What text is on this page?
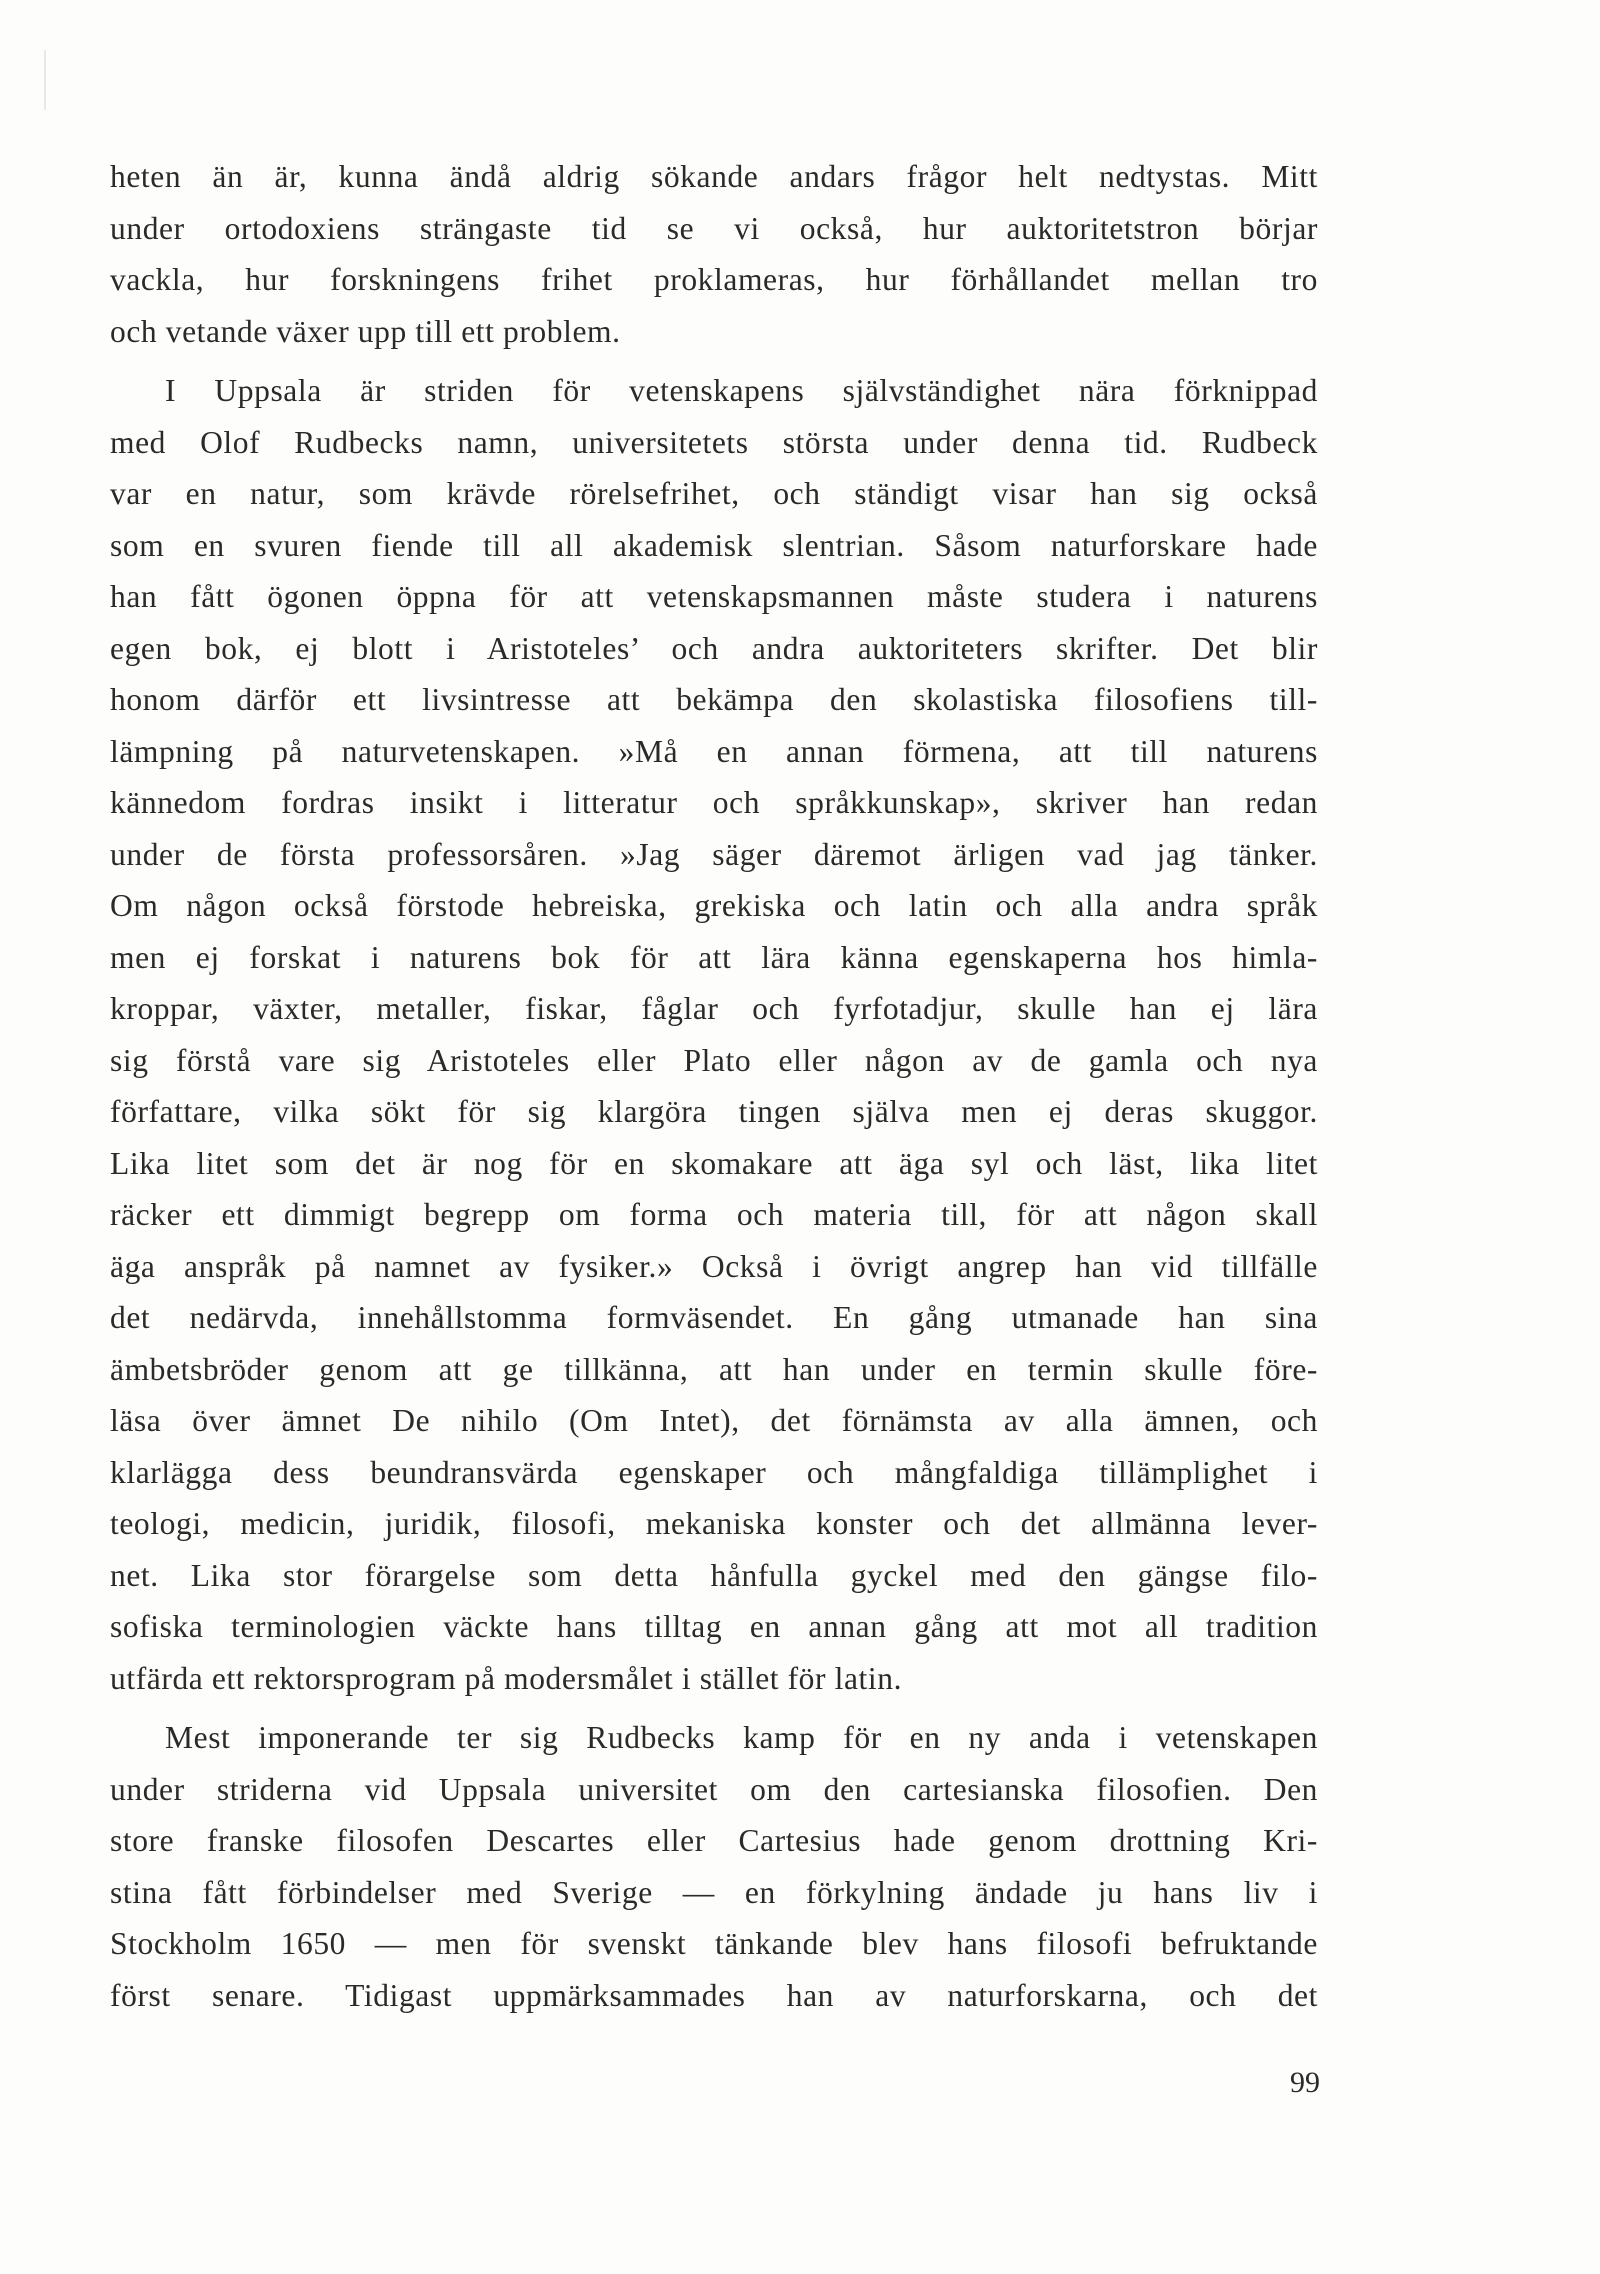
heten än är, kunna ändå aldrig sökande andars frågor helt nedtystas. Mitt
under ortodoxiens strängaste tid se vi också, hur auktoritetstron börjar
vackla, hur forskningens frihet proklameras, hur förhållandet mellan tro
och vetande växer upp till ett problem.
I Uppsala är striden för vetenskapens självständighet nära förknippad
med Olof Rudbecks namn, universitetets största under denna tid. Rudbeck
var en natur, som krävde rörelsefrihet, och ständigt visar han sig också
som en svuren fiende till all akademisk slentrian. Såsom naturforskare hade
han fått ögonen öppna för att vetenskapsmannen måste studera i naturens
egen bok, ej blott i Aristoteles’ och andra auktoriteters skrifter. Det blir
honom därför ett livsintresse att bekämpa den skolastiska filosofiens till-
lämpning på naturvetenskapen. »Må en annan förmena, att till naturens
kännedom fordras insikt i litteratur och språkkunskap», skriver han redan
under de första professorsåren. »Jag säger däremot ärligen vad jag tänker.
Om någon också förstode hebreiska, grekiska och latin och alla andra språk
men ej forskat i naturens bok för att lära känna egenskaperna hos himla-
kroppar, växter, metaller, fiskar, fåglar och fyrfotadjur, skulle han ej lära
sig förstå vare sig Aristoteles eller Plato eller någon av de gamla och nya
författare, vilka sökt för sig klargöra tingen själva men ej deras skuggor.
Lika litet som det är nog för en skomakare att äga syl och läst, lika litet
räcker ett dimmigt begrepp om forma och materia till, för att någon skall
äga anspråk på namnet av fysiker.» Också i övrigt angrep han vid tillfälle
det nedärvda, innehållstomma formväsendet. En gång utmanade han sina
ämbetsbröder genom att ge tillkänna, att han under en termin skulle före-
läsa över ämnet De nihilo (Om Intet), det förnämsta av alla ämnen, och
klarlägga dess beundransvärda egenskaper och mångfaldiga tillämplighet i
teologi, medicin, juridik, filosofi, mekaniska konster och det allmänna lever-
net. Lika stor förargelse som detta hånfulla gyckel med den gängse filo-
sofiska terminologien väckte hans tilltag en annan gång att mot all tradition
utfärda ett rektorsprogram på modersmålet i stället för latin.
Mest imponerande ter sig Rudbecks kamp för en ny anda i vetenskapen
under striderna vid Uppsala universitet om den cartesianska filosofien. Den
store franske filosofen Descartes eller Cartesius hade genom drottning Kri-
stina fått förbindelser med Sverige — en förkylning ändade ju hans liv i
Stockholm 1650 — men för svenskt tänkande blev hans filosofi befruktande
först senare. Tidigast uppmärksammades han av naturforskarna, och det
99
